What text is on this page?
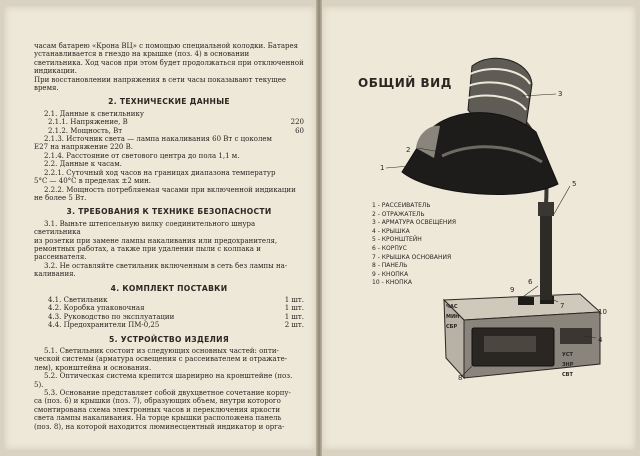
часам батарею «Крона ВЦ» с помощью специальной колодки. Батарея

устанавливается в гнездо на крышке (поз. 4) в основании

светильника. Ход часов при этом будет продолжаться при отключенной

индикации.

При восстановлении напряжения в сети часы показывают текущее

время.

2. ТЕХНИЧЕСКИЕ ДАННЫЕ

2.1. Данные к светильнику

2.1.1. Напряжение, В	220
2.1.2. Мощность, Вт	60

2.1.3. Источник света — лампа накаливания 60 Вт с цоколем

Е27 на напряжение 220 В.

2.1.4. Расстояние от светового центра до пола 1,1 м.

2.2. Данные к часам.

2.2.1. Суточный ход часов на границах диапазона температур

5°С — 40°С в пределах ±2 мин.

2.2.2. Мощность потребляемая часами при включенной индикации

не более 5 Вт.

3. ТРЕБОВАНИЯ К ТЕХНИКЕ БЕЗОПАСНОСТИ

3.1. Выньте штепсельную вилку соединительного шнура светильника

из розетки при замене лампы накаливания или предохранителя,

ремонтных работах, а также при удалении пыли с колпака и

рассеивателя.

3.2. Не оставляйте светильник включенным в сеть без лампы на-

каливания.

4. КОМПЛЕКТ ПОСТАВКИ
4.1. Светильник	1 шт.
4.2. Коробка упаковочная	1 шт.
4.3. Руководство по эксплуатации	1 шт.
4.4. Предохранители ПМ-0,25	2 шт.
5. УСТРОЙСТВО ИЗДЕЛИЯ

5.1. Светильник состоит из следующих основных частей: опти-

ческой системы (арматура освещения с рассеивателем и отражате-

лем), кронштейна и основания.

5.2. Оптическая система крепится шарнирно на кронштейне (поз.

5).

5.3. Основание представляет собой двухцветное сочетание корпу-

са (поз. 6) и крышки (поз. 7), образующих объем, внутри которого

смонтирована схема электронных часов и переключения яркости

света лампы накаливания. На торце крышки расположена панель

(поз. 8), на которой находится люминесцентный индикатор и орга-

ОБЩИЙ ВИД
3
2
1
5
6
9
7
10
4
8
ЧАС
МИН
СБР
УСТ
ЗНР
СВТ
1 - РАССЕИВАТЕЛЬ
2 - ОТРАЖАТЕЛЬ
3 - АРМАТУРА ОСВЕЩЕНИЯ
4 - КРЫШКА
5 - КРОНШТЕЙН
6 - КОРПУС
7 - КРЫШКА ОСНОВАНИЯ
8 - ПАНЕЛЬ
9 - КНОПКА
10 - КНОПКА
